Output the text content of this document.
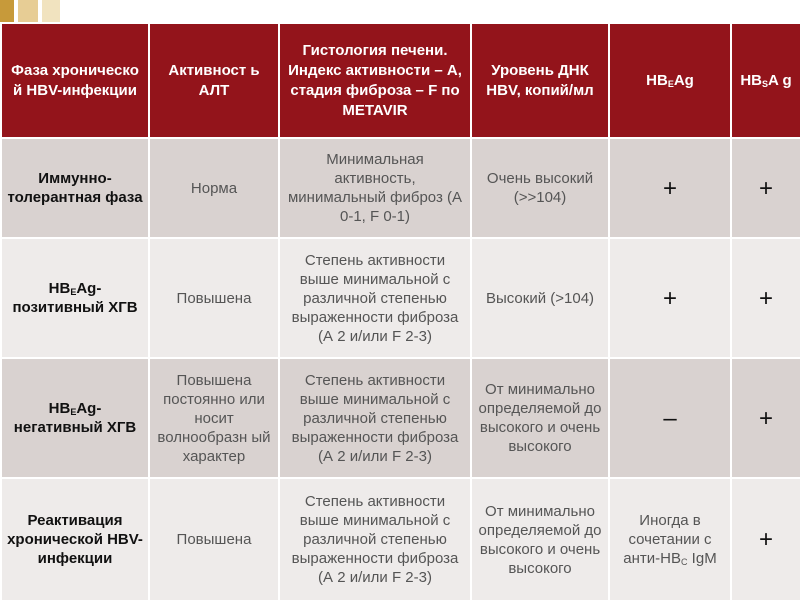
Фаза хроническо й HBV-инфекции	Активност ь АЛТ	Гистология печени. Индекс активности – A, стадия фиброза – F по METAVIR	Уровень ДНК HBV, копий/мл	$HB_EAg$	$HB_SA$ g
Иммунно-толерантная фаза	Норма	Минимальная активность, минимальный фиброз (А 0-1, F 0-1)	Очень высокий (>>104)	+	+
$HB_EAg$-позитивный ХГВ	Повышена	Степень активности выше минимальной с различной степенью выраженности фиброза (А 2 и/или F 2-3)	Высокий (>104)	+	+
$HB_EAg$-негативный ХГВ	Повышена постоянно или носит волнообразн ый характер	Степень активности выше минимальной с различной степенью выраженности фиброза (А 2 и/или F 2-3)	От минимально определяемой до высокого и очень высокого	–	+
Реактивация хронической HBV-инфекции	Повышена	Степень активности выше минимальной с различной степенью выраженности фиброза (А 2 и/или F 2-3)	От минимально определяемой до высокого и очень высокого	Иногда в сочетании с анти-$HB_C$ IgM	+
